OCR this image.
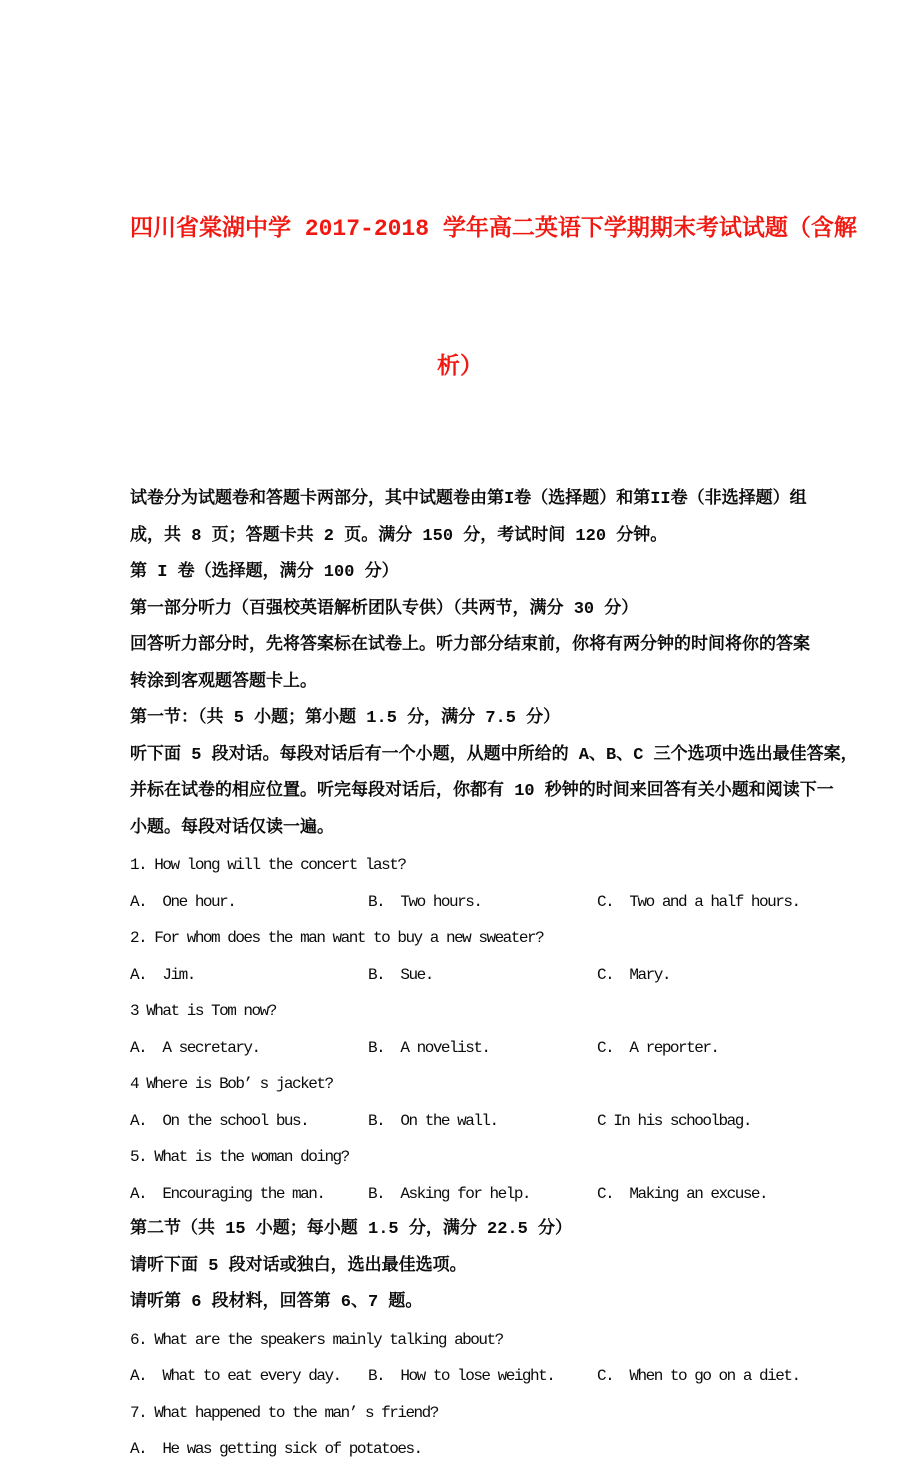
四川省棠湖中学 2017-2018 学年高二英语下学期期末考试试题（含解

析）

试卷分为试题卷和答题卡两部分，其中试题卷由第I卷（选择题）和第II卷（非选择题）组
成，共 8 页；答题卡共 2 页。满分 150 分，考试时间 120 分钟。
第 I 卷（选择题，满分 100 分）
第一部分听力（百强校英语解析团队专供）（共两节，满分 30 分）
回答听力部分时，先将答案标在试卷上。听力部分结束前，你将有两分钟的时间将你的答案
转涂到客观题答题卡上。
第一节：（共 5 小题；第小题 1.5 分，满分 7.5 分）
听下面 5 段对话。每段对话后有一个小题，从题中所给的 A、B、C 三个选项中选出最佳答案，
并标在试卷的相应位置。听完每段对话后，你都有 10 秒钟的时间来回答有关小题和阅读下一
小题。每段对话仅读一遍。
1. How long will the concert last?
A.  One hour.	B.  Two hours.	C.  Two and a half hours.
2. For whom does the man want to buy a new sweater?
A.  Jim.	B.  Sue.	C.  Mary.
3 What is Tom now?
A.  A secretary.	B.  A novelist.	C.  A reporter.
4 Where is Bob’ s jacket?
A.  On the school bus.	B.  On the wall.	C In his schoolbag.
5. What is the woman doing?
A.  Encouraging the man.	B.  Asking for help.	C.  Making an excuse.
第二节（共 15 小题；每小题 1.5 分，满分 22.5 分）
请听下面 5 段对话或独白，选出最佳选项。
请听第 6 段材料，回答第 6、7 题。
6. What are the speakers mainly talking about?
A.  What to eat every day.	B.  How to lose weight.	C.  When to go on a diet.
7. What happened to the man’ s friend?
A.  He was getting sick of potatoes.
